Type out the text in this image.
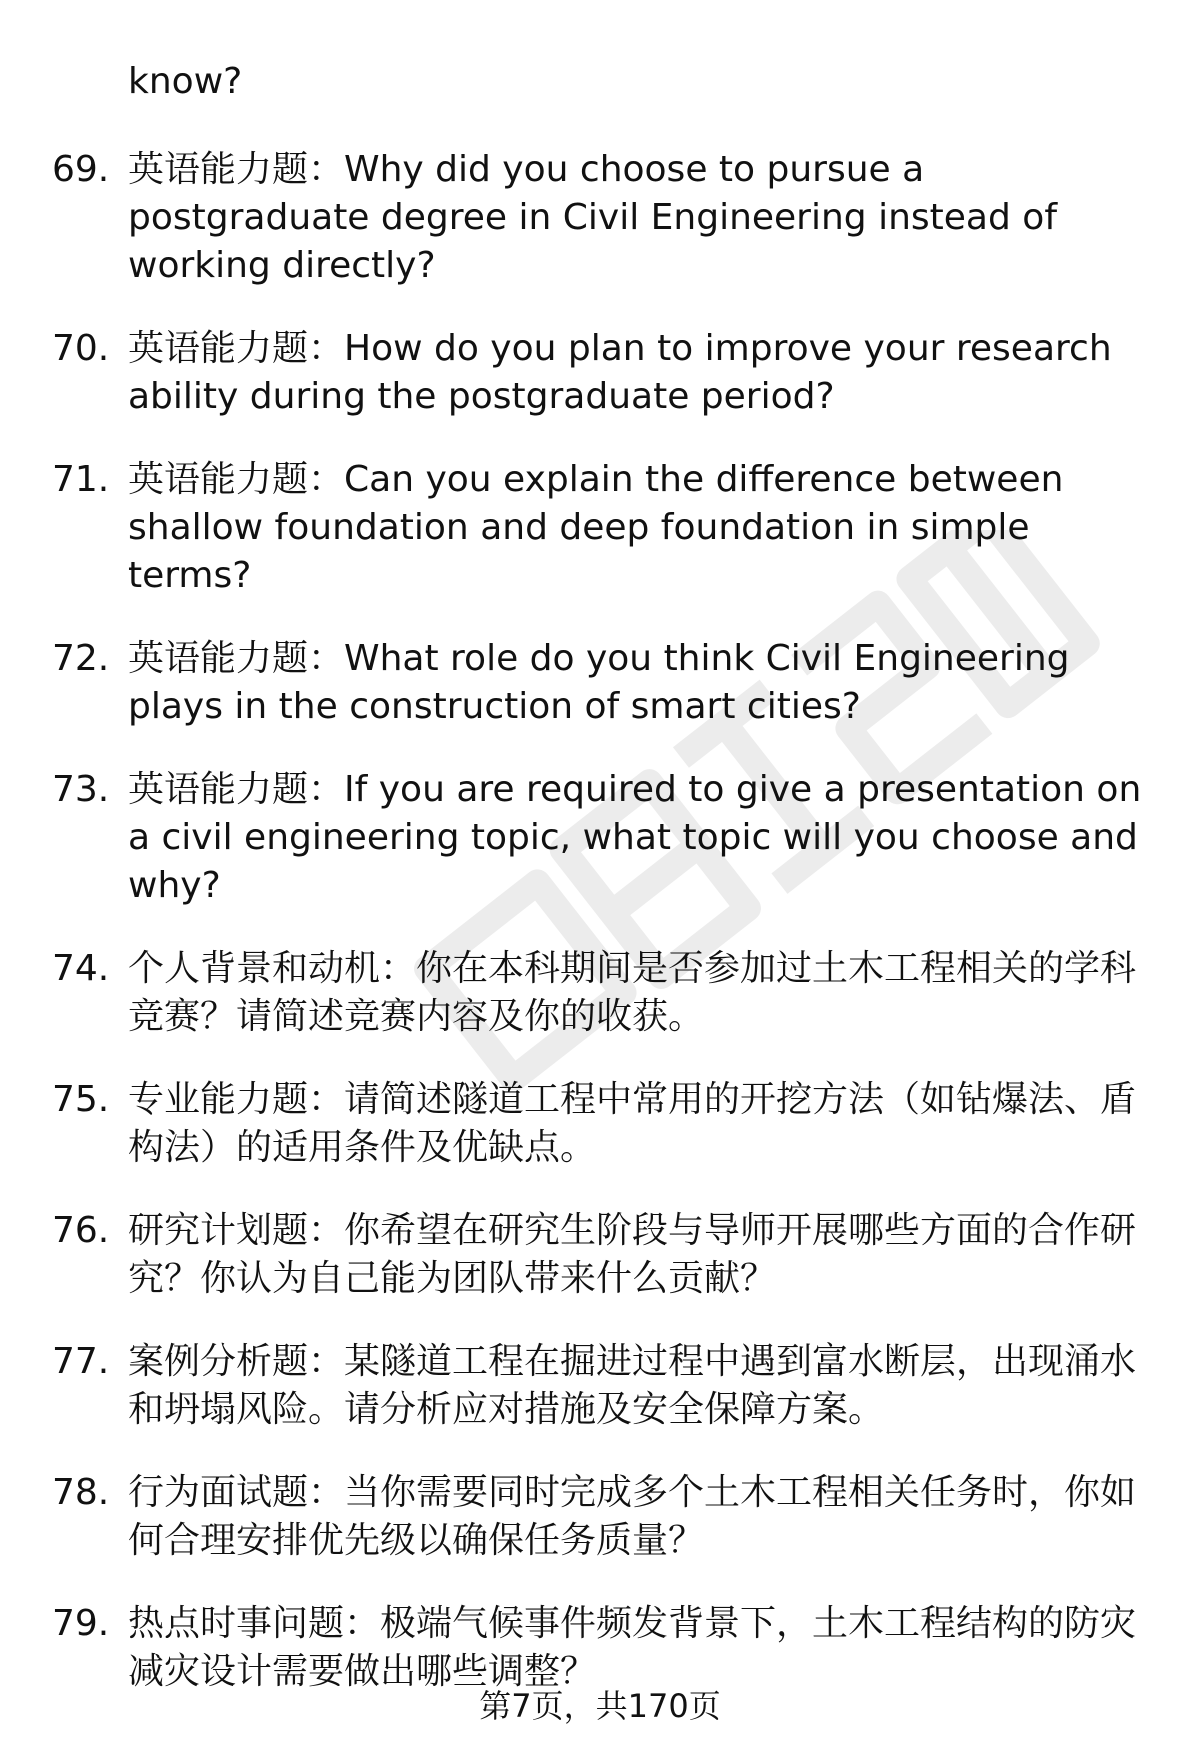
know?
69. 英语能力题：Why did you choose to pursue a postgraduate degree in Civil Engineering instead of working directly?
70. 英语能力题：How do you plan to improve your research ability during the postgraduate period?
71. 英语能力题：Can you explain the difference between shallow foundation and deep foundation in simple terms?
72. 英语能力题：What role do you think Civil Engineering plays in the construction of smart cities?
73. 英语能力题：If you are required to give a presentation on a civil engineering topic, what topic will you choose and why?
74. 个人背景和动机：你在本科期间是否参加过土木工程相关的学科竞赛？请简述竞赛内容及你的收获。
75. 专业能力题：请简述隧道工程中常用的开挖方法（如钻爆法、盾构法）的适用条件及优缺点。
76. 研究计划题：你希望在研究生阶段与导师开展哪些方面的合作研究？你认为自己能为团队带来什么贡献？
77. 案例分析题：某隧道工程在掘进过程中遇到富水断层，出现涌水和坍塌风险。请分析应对措施及安全保障方案。
78. 行为面试题：当你需要同时完成多个土木工程相关任务时，你如何合理安排优先级以确保任务质量？
79. 热点时事问题：极端气候事件频发背景下，土木工程结构的防灾减灾设计需要做出哪些调整？
第7页，共170页
